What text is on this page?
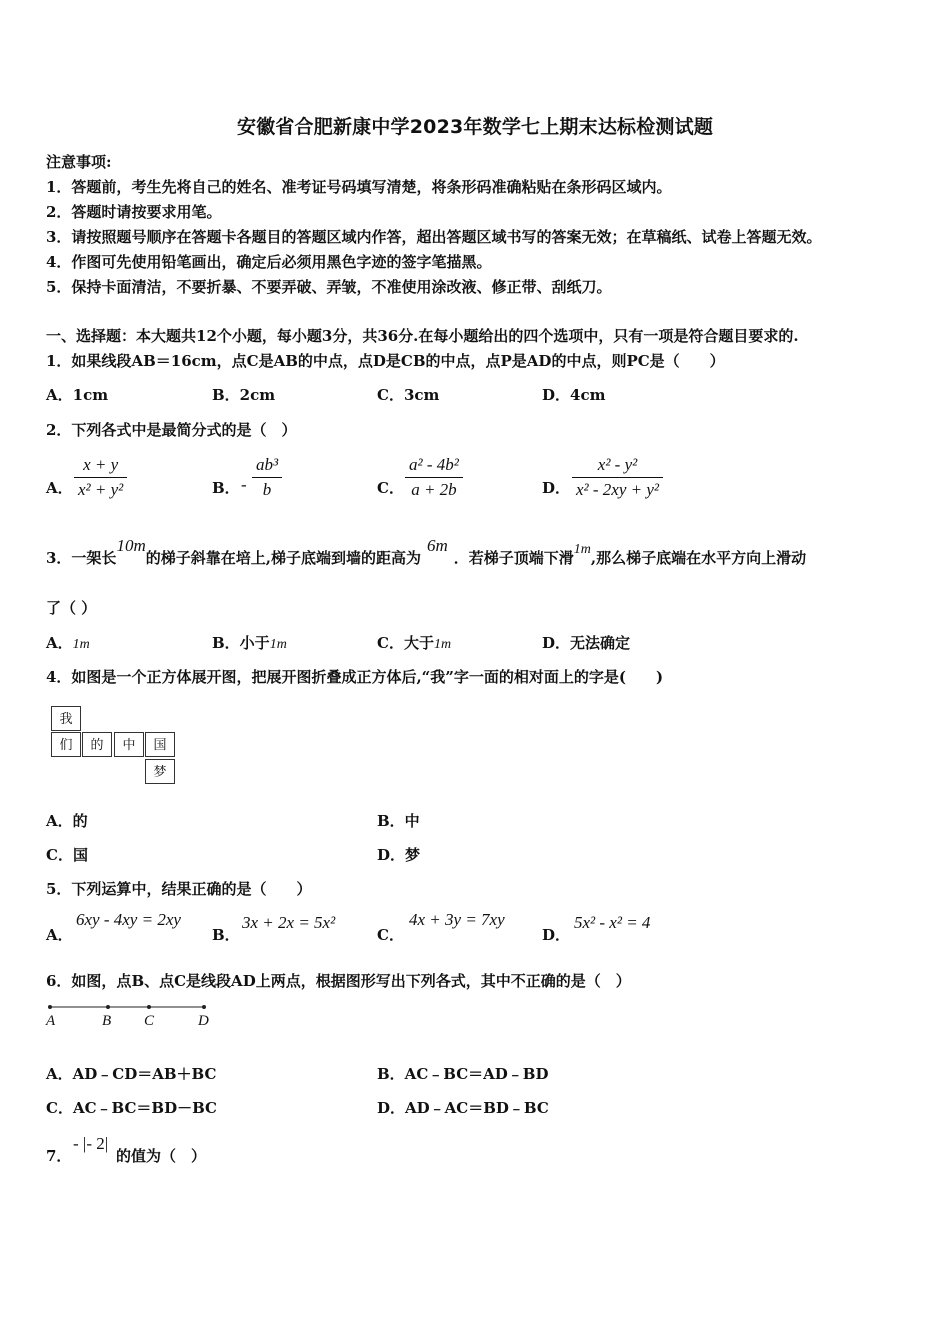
安徽省合肥新康中学2023年数学七上期末达标检测试题
注意事项:
1．答题前，考生先将自己的姓名、准考证号码填写清楚，将条形码准确粘贴在条形码区域内。
2．答题时请按要求用笔。
3．请按照题号顺序在答题卡各题目的答题区域内作答，超出答题区域书写的答案无效；在草稿纸、试卷上答题无效。
4．作图可先使用铅笔画出，确定后必须用黑色字迹的签字笔描黑。
5．保持卡面清洁，不要折暴、不要弄破、弄皱，不准使用涂改液、修正带、刮纸刀。
一、选择题：本大题共12个小题，每小题3分，共36分.在每小题给出的四个选项中，只有一项是符合题目要求的.
1．如果线段AB＝16cm，点C是AB的中点，点D是CB的中点，点P是AD的中点，则PC是（　　）
A．1cm	B．2cm	C．3cm	D．4cm
2．下列各式中是最简分式的是（　）
A．
x + y
x² + y²	B． -
ab³
b	C．
a² - 4b²
a + 2b	D．
x² - y²
x² - 2xy + y²
3．一架长10m的梯子斜靠在培上,梯子底端到墙的距高为6m．若梯子顶端下滑1m,那么梯子底端在水平方向上滑动
了（ ）
A．1m	B．小于1m	C．大于1m	D．无法确定
4．如图是一个正方体展开图，把展开图折叠成正方体后,“我”字一面的相对面上的字是(　　)
我
们	的	中	国
梦
A．的	B．中
C．国	D．梦
5．下列运算中，结果正确的是（　　）
A．
6xy - 4xy = 2xy
B．
3x + 2x = 5x²
C．
4x + 3y = 7xy
D．
5x² - x² = 4
6．如图，点B、点C是线段AD上两点，根据图形写出下列各式，其中不正确的是（　）
A	B C	D
A．AD﹣CD＝AB＋BC	B．AC﹣BC＝AD﹣BD
C．AC﹣BC＝BD－BC	D．AD﹣AC＝BD﹣BC
7．
- |- 2|
的值为（　）
